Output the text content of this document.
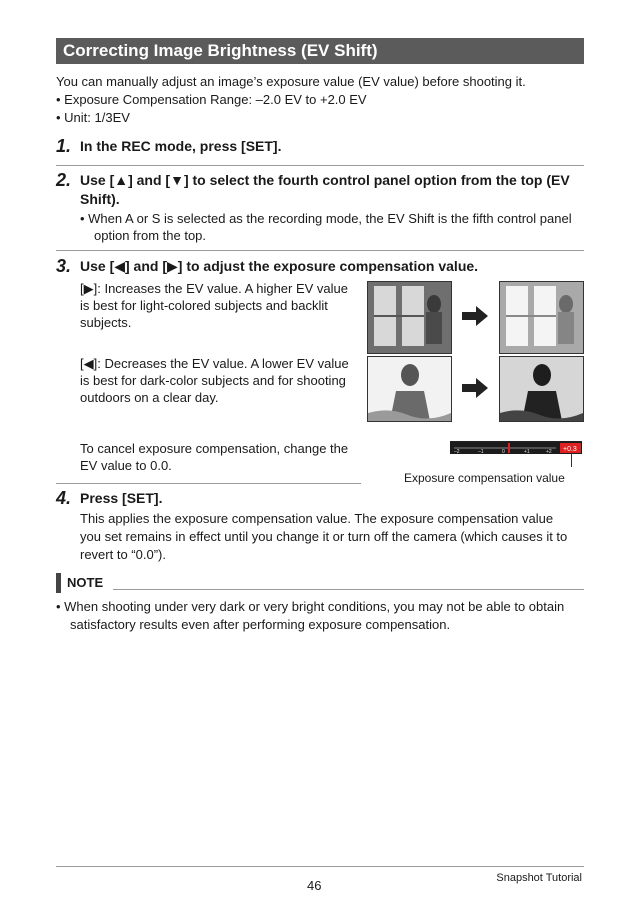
Correcting Image Brightness (EV Shift)
You can manually adjust an image’s exposure value (EV value) before shooting it.
• Exposure Compensation Range: –2.0 EV to +2.0 EV
• Unit: 1/3EV
1. In the REC mode, press [SET].
2. Use [▲] and [▼] to select the fourth control panel option from the top (EV Shift).
• When A or S is selected as the recording mode, the EV Shift is the fifth control panel option from the top.
3. Use [◀] and [▶] to adjust the exposure compensation value.
[▶]: Increases the EV value. A higher EV value is best for light-colored subjects and backlit subjects.
[◀]: Decreases the EV value. A lower EV value is best for dark-color subjects and for shooting outdoors on a clear day.
To cancel exposure compensation, change the EV value to 0.0.
–2	–1	0	+1	+2 +0.3
Exposure compensation value
4. Press [SET].
This applies the exposure compensation value. The exposure compensation value you set remains in effect until you change it or turn off the camera (which causes it to revert to “0.0”).
NOTE
• When shooting under very dark or very bright conditions, you may not be able to obtain satisfactory results even after performing exposure compensation.
46	Snapshot Tutorial
